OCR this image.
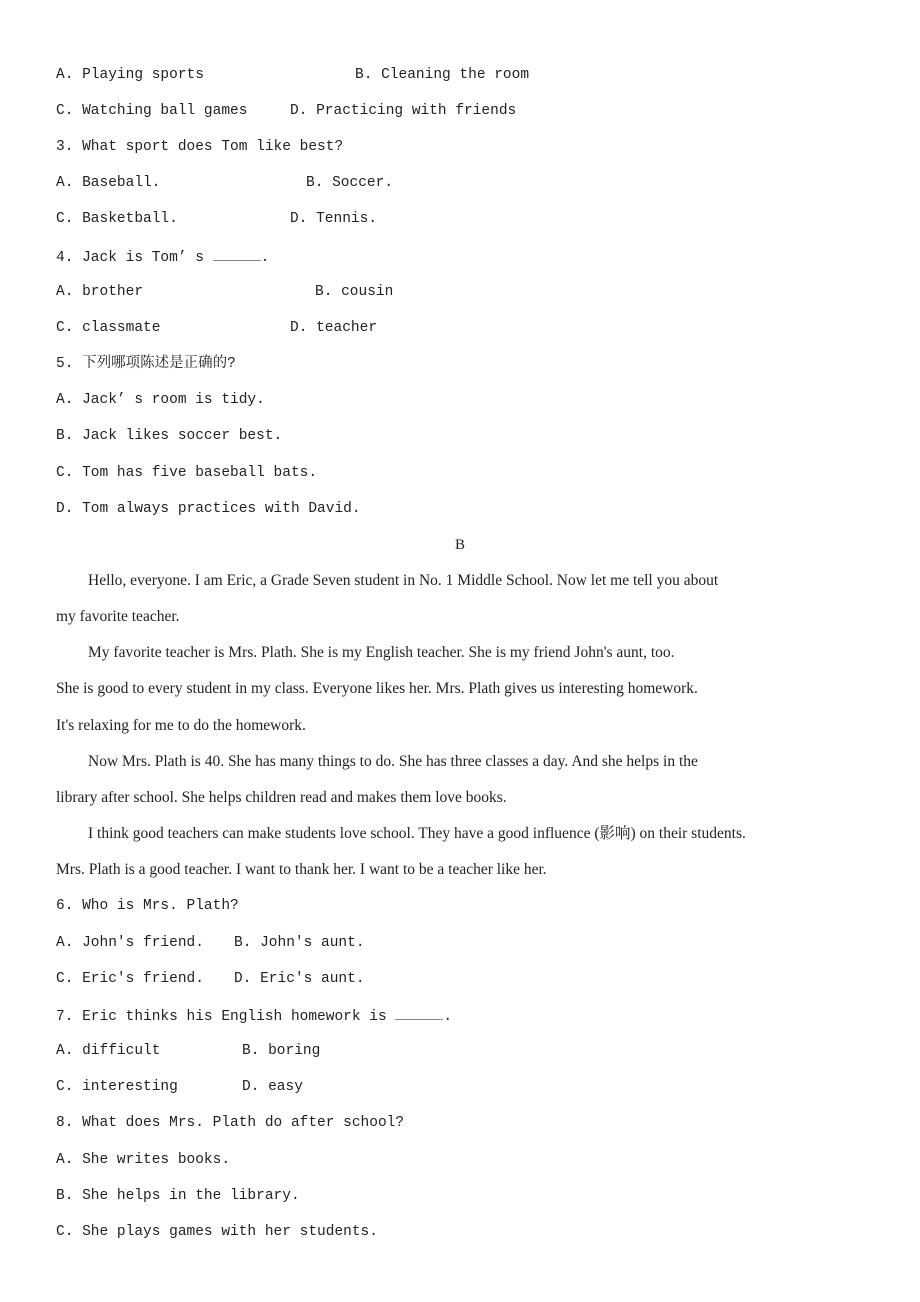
A. Playing sports	B. Cleaning the room
C. Watching ball games	D. Practicing with friends
3. What sport does Tom like best?
A. Baseball.	B. Soccer.
C. Basketball.	D. Tennis.
4. Jack is Tom’ s	.
A. brother	B. cousin
C. classmate	D. teacher
5. 下列哪项陈述是正确的?
A. Jack’ s room is tidy.
B. Jack likes soccer best.
C. Tom has five baseball bats.
D. Tom always practices with David.
B
Hello, everyone. I am Eric, a Grade Seven student in No. 1 Middle School. Now let me tell you about
my favorite teacher.
My favorite teacher is Mrs. Plath. She is my English teacher. She is my friend John's aunt, too.
She is good to every student in my class. Everyone likes her. Mrs. Plath gives us interesting homework.
It's relaxing for me to do the homework.
Now Mrs. Plath is 40. She has many things to do. She has three classes a day. And she helps in the
library after school. She helps children read and makes them love books.
I think good teachers can make students love school. They have a good influence (影响) on their students.
Mrs. Plath is a good teacher. I want to thank her. I want to be a teacher like her.
6. Who is Mrs. Plath?
A. John's friend. B. John's aunt.
C. Eric's friend. D. Eric's aunt.
7. Eric thinks his English homework is	.
A. difficult	B. boring
C. interesting	D. easy
8. What does Mrs. Plath do after school?
A. She writes books.
B. She helps in the library.
C. She plays games with her students.
